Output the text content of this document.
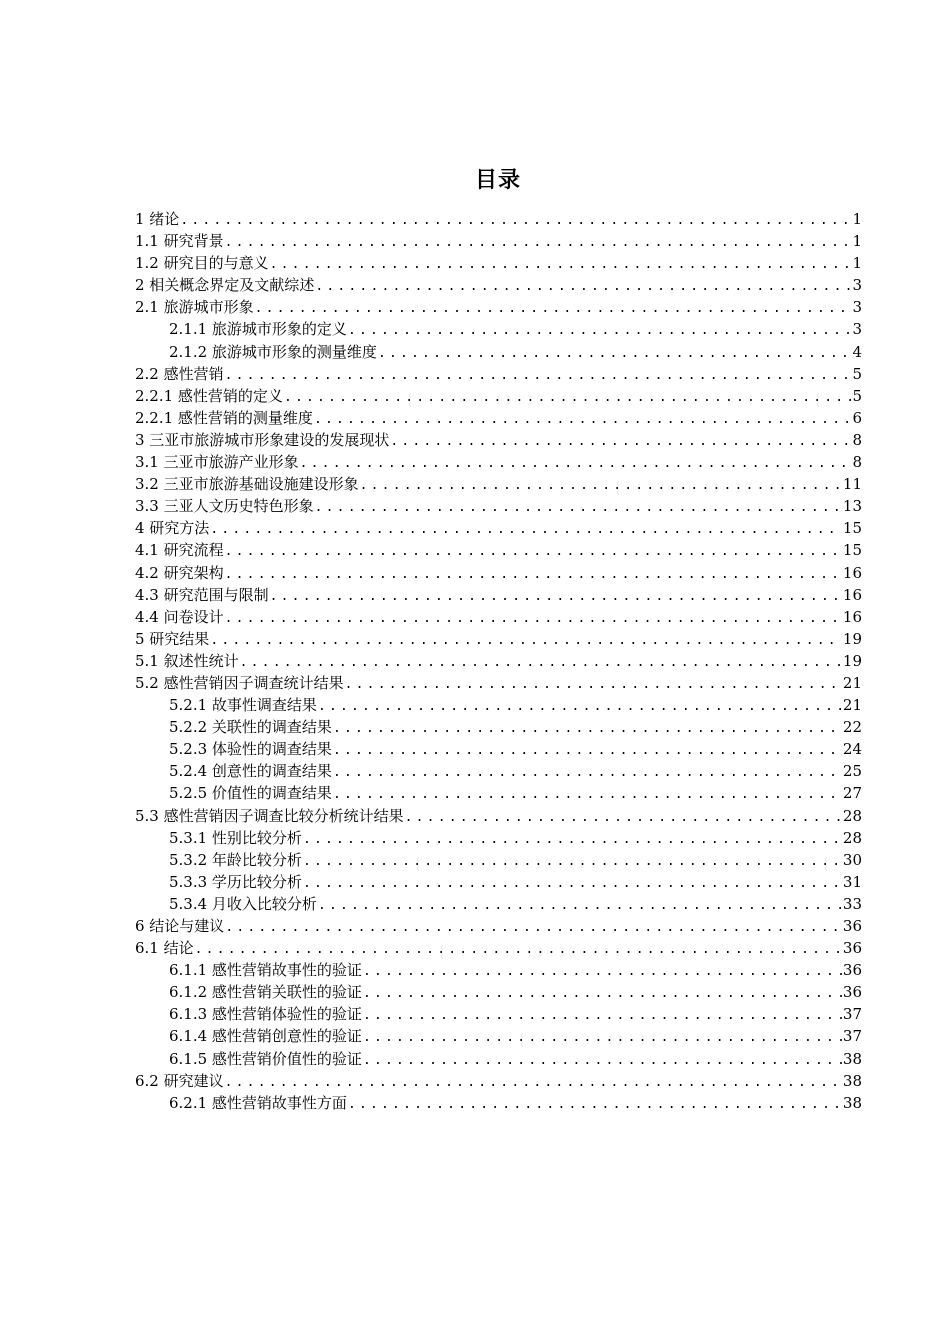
目录
1 绪论 .....	1
1.1 研究背景 .....	1
1.2 研究目的与意义 .....	1
2 相关概念界定及文献综述 .....	3
2.1 旅游城市形象 .....	3
2.1.1 旅游城市形象的定义 .....	3
2.1.2 旅游城市形象的测量维度 .....	4
2.2 感性营销 .....	5
2.2.1 感性营销的定义 .....	5
2.2.1 感性营销的测量维度 .....	6
3 三亚市旅游城市形象建设的发展现状 .....	8
3.1 三亚市旅游产业形象 .....	8
3.2 三亚市旅游基础设施建设形象 .....	11
3.3 三亚人文历史特色形象 .....	13
4 研究方法 .....	15
4.1 研究流程 .....	15
4.2 研究架构 .....	16
4.3 研究范围与限制 .....	16
4.4 问卷设计 .....	16
5 研究结果 .....	19
5.1 叙述性统计 .....	19
5.2 感性营销因子调查统计结果 .....	21
5.2.1 故事性调查结果 .....	21
5.2.2 关联性的调查结果 .....	22
5.2.3 体验性的调查结果 .....	24
5.2.4 创意性的调查结果 .....	25
5.2.5 价值性的调查结果 .....	27
5.3 感性营销因子调查比较分析统计结果 .....	28
5.3.1 性别比较分析 .....	28
5.3.2 年龄比较分析 .....	30
5.3.3 学历比较分析 .....	31
5.3.4 月收入比较分析 .....	33
6 结论与建议 .....	36
6.1 结论 .....	36
6.1.1 感性营销故事性的验证 .....	36
6.1.2 感性营销关联性的验证 .....	36
6.1.3 感性营销体验性的验证 .....	37
6.1.4 感性营销创意性的验证 .....	37
6.1.5 感性营销价值性的验证 .....	38
6.2 研究建议 .....	38
6.2.1 感性营销故事性方面 .....	38
